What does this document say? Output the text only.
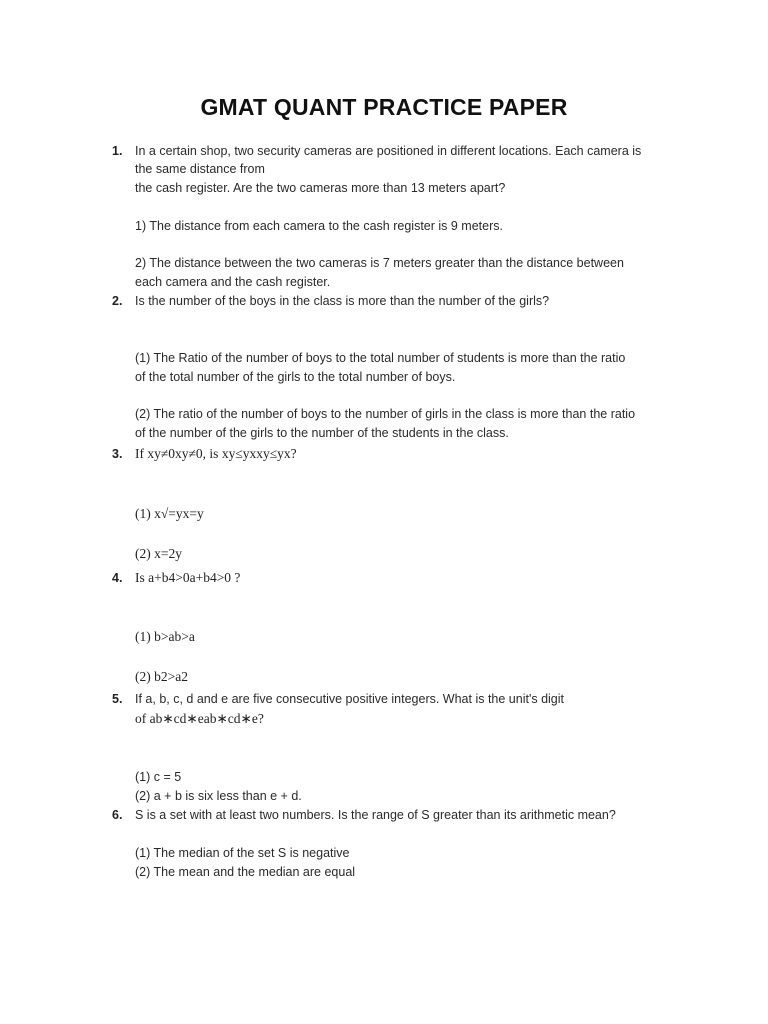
GMAT QUANT PRACTICE PAPER
1. In a certain shop, two security cameras are positioned in different locations. Each camera is
the same distance from
the cash register. Are the two cameras more than 13 meters apart?
1) The distance from each camera to the cash register is 9 meters.
2) The distance between the two cameras is 7 meters greater than the distance between
each camera and the cash register.
2. Is the number of the boys in the class is more than the number of the girls?
(1) The Ratio of the number of boys to the total number of students is more than the ratio
of the total number of the girls to the total number of boys.
(2) The ratio of the number of boys to the number of girls in the class is more than the ratio
of the number of the girls to the number of the students in the class.
3. If xy≠0xy≠0, is xy≤yxxy≤yx?
(1) x√=yx=y
(2) x=2y
4. Is a+b4>0a+b4>0 ?
(1) b>ab>a
(2) b2>a2
5. If a, b, c, d and e are five consecutive positive integers. What is the unit's digit
of ab∗cd∗eab∗cd∗e?
(1) c = 5
(2) a + b is six less than e + d.
6. S is a set with at least two numbers. Is the range of S greater than its arithmetic mean?
(1) The median of the set S is negative
(2) The mean and the median are equal
